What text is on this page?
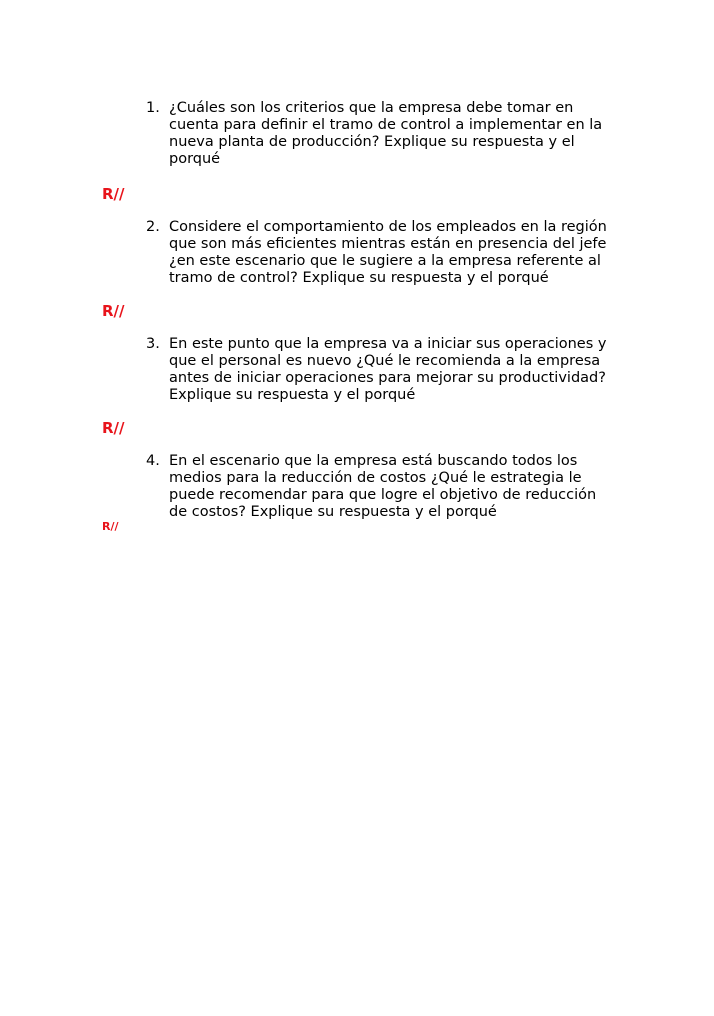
1. ¿Cuáles son los criterios que la empresa debe tomar en
cuenta para definir el tramo de control a implementar en la
nueva planta de producción? Explique su respuesta y el
porqué
R//
2. Considere el comportamiento de los empleados en la región
que son más eficientes mientras están en presencia del jefe
¿en este escenario que le sugiere a la empresa referente al
tramo de control? Explique su respuesta y el porqué
R//
3. En este punto que la empresa va a iniciar sus operaciones y
que el personal es nuevo ¿Qué le recomienda a la empresa
antes de iniciar operaciones para mejorar su productividad?
Explique su respuesta y el porqué
R//
4. En el escenario que la empresa está buscando todos los
medios para la reducción de costos ¿Qué le estrategia le
puede recomendar para que logre el objetivo de reducción
de costos? Explique su respuesta y el porqué
R//
